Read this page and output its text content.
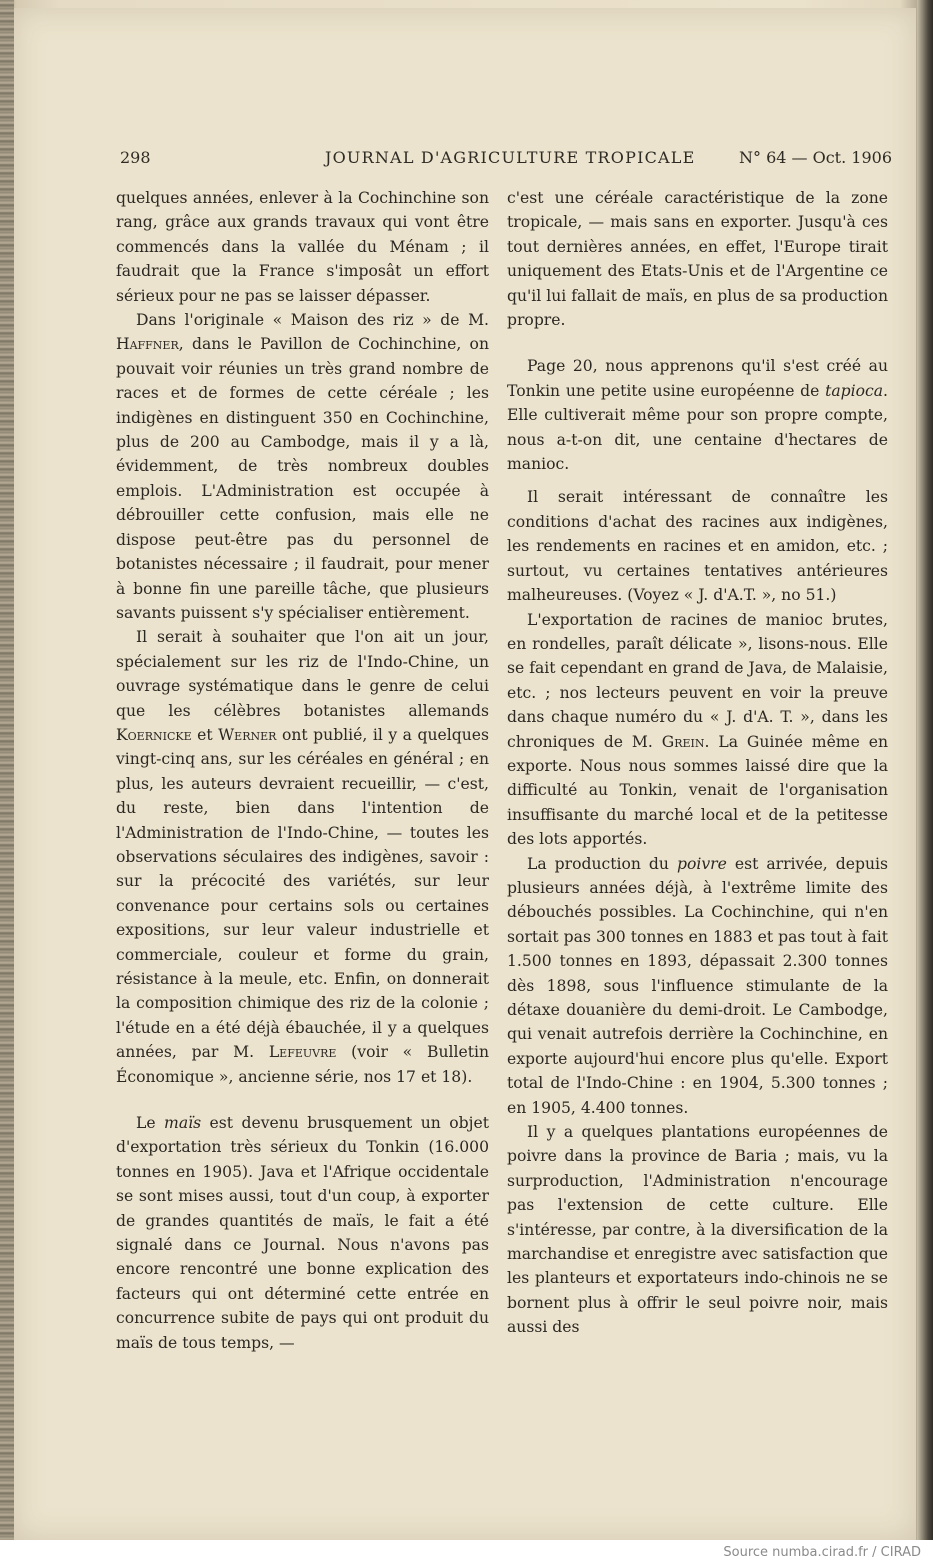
298	JOURNAL D'AGRICULTURE TROPICALE	N° 64 — Oct. 1906

quelques années, enlever à la Cochinchine son rang, grâce aux grands travaux qui vont être commencés dans la vallée du Ménam ; il faudrait que la France s'imposât un effort sérieux pour ne pas se laisser dépasser.

Dans l'originale « Maison des riz » de M. Haffner, dans le Pavillon de Cochinchine, on pouvait voir réunies un très grand nombre de races et de formes de cette céréale ; les indigènes en distinguent 350 en Cochinchine, plus de 200 au Cambodge, mais il y a là, évidemment, de très nombreux doubles emplois. L'Administration est occupée à débrouiller cette confusion, mais elle ne dispose peut-être pas du personnel de botanistes nécessaire ; il faudrait, pour mener à bonne fin une pareille tâche, que plusieurs savants puissent s'y spécialiser entièrement.

Il serait à souhaiter que l'on ait un jour, spécialement sur les riz de l'Indo-Chine, un ouvrage systématique dans le genre de celui que les célèbres botanistes allemands Koernicke et Werner ont publié, il y a quelques vingt-cinq ans, sur les céréales en général ; en plus, les auteurs devraient recueillir, — c'est, du reste, bien dans l'intention de l'Administration de l'Indo-Chine, — toutes les observations séculaires des indigènes, savoir : sur la précocité des variétés, sur leur convenance pour certains sols ou certaines expositions, sur leur valeur industrielle et commerciale, couleur et forme du grain, résistance à la meule, etc. Enfin, on donnerait la composition chimique des riz de la colonie ; l'étude en a été déjà ébauchée, il y a quelques années, par M. Lefeuvre (voir « Bulletin Économique », ancienne série, nos 17 et 18).

Le maïs est devenu brusquement un objet d'exportation très sérieux du Tonkin (16.000 tonnes en 1905). Java et l'Afrique occidentale se sont mises aussi, tout d'un coup, à exporter de grandes quantités de maïs, le fait a été signalé dans ce Journal. Nous n'avons pas encore rencontré une bonne explication des facteurs qui ont déterminé cette entrée en concurrence subite de pays qui ont produit du maïs de tous temps, —

c'est une céréale caractéristique de la zone tropicale, — mais sans en exporter. Jusqu'à ces tout dernières années, en effet, l'Europe tirait uniquement des Etats-Unis et de l'Argentine ce qu'il lui fallait de maïs, en plus de sa production propre.

Page 20, nous apprenons qu'il s'est créé au Tonkin une petite usine européenne de tapioca. Elle cultiverait même pour son propre compte, nous a-t-on dit, une centaine d'hectares de manioc.

Il serait intéressant de connaître les conditions d'achat des racines aux indigènes, les rendements en racines et en amidon, etc. ; surtout, vu certaines tentatives antérieures malheureuses. (Voyez « J. d'A.T. », no 51.)

L'exportation de racines de manioc brutes, en rondelles, paraît délicate », lisons-nous. Elle se fait cependant en grand de Java, de Malaisie, etc. ; nos lecteurs peuvent en voir la preuve dans chaque numéro du « J. d'A. T. », dans les chroniques de M. Grein. La Guinée même en exporte. Nous nous sommes laissé dire que la difficulté au Tonkin, venait de l'organisation insuffisante du marché local et de la petitesse des lots apportés.

La production du poivre est arrivée, depuis plusieurs années déjà, à l'extrême limite des débouchés possibles. La Cochinchine, qui n'en sortait pas 300 tonnes en 1883 et pas tout à fait 1.500 tonnes en 1893, dépassait 2.300 tonnes dès 1898, sous l'influence stimulante de la détaxe douanière du demi-droit. Le Cambodge, qui venait autrefois derrière la Cochinchine, en exporte aujourd'hui encore plus qu'elle. Export total de l'Indo-Chine : en 1904, 5.300 tonnes ; en 1905, 4.400 tonnes.

Il y a quelques plantations européennes de poivre dans la province de Baria ; mais, vu la surproduction, l'Administration n'encourage pas l'extension de cette culture. Elle s'intéresse, par contre, à la diversification de la marchandise et enregistre avec satisfaction que les planteurs et exportateurs indo-chinois ne se bornent plus à offrir le seul poivre noir, mais aussi des

Source numba.cirad.fr / CIRAD
